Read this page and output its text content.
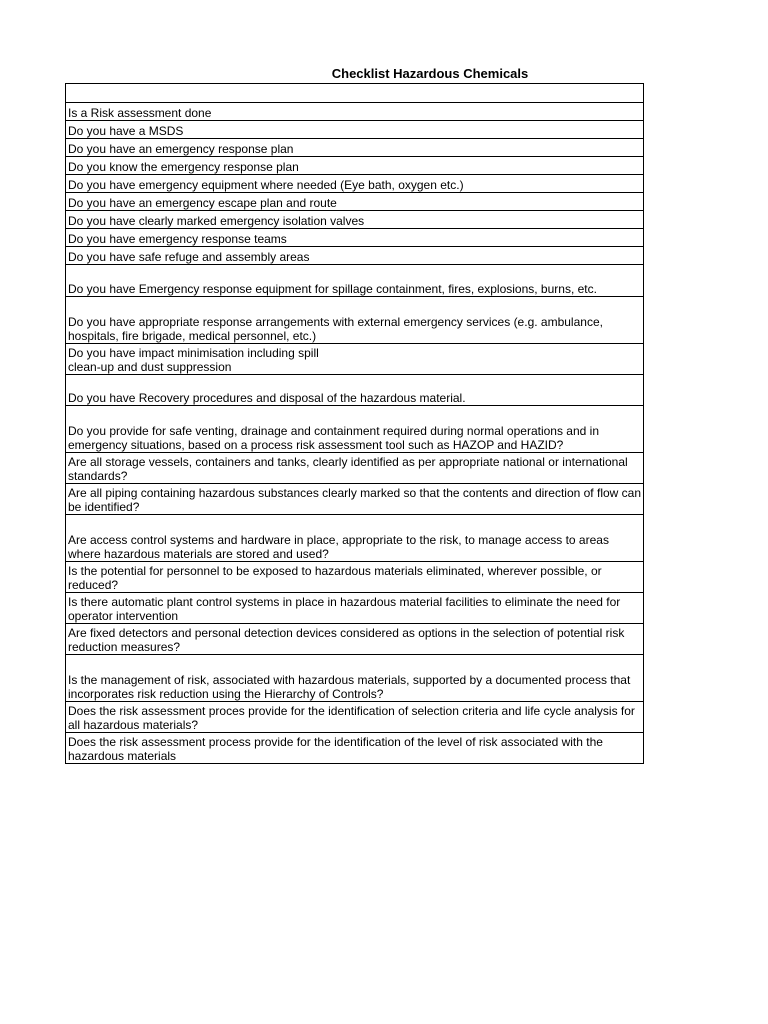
Checklist Hazardous Chemicals

Is a Risk assessment done
Do you have a MSDS
Do you have an emergency response plan
Do you know the emergency response plan
Do you have emergency equipment where needed (Eye bath, oxygen etc.)
Do you have an emergency escape plan and route
Do you have clearly marked emergency isolation valves
Do you have emergency response teams
Do you have safe refuge and assembly areas
Do you have Emergency response equipment for spillage containment, fires, explosions, burns, etc.
Do you have appropriate response arrangements with external emergency services (e.g. ambulance, hospitals, fire brigade, medical personnel, etc.)
Do you have impact minimisation including spill
clean-up and dust suppression
Do you have Recovery procedures and disposal of the hazardous material.
Do you provide for safe venting, drainage and containment required during normal operations and in emergency situations, based on a process risk assessment tool such as HAZOP and HAZID?
Are all storage vessels, containers and tanks, clearly identified as per appropriate national or international standards?
Are all piping containing hazardous substances clearly marked so that the contents and direction of flow can be identified?
Are access control systems and hardware in place, appropriate to the risk, to manage access to areas where hazardous materials are stored and used?
Is the potential for personnel to be exposed to hazardous materials eliminated, wherever possible, or reduced?
Is there automatic plant control systems in place in hazardous material facilities to eliminate the need for operator intervention
Are fixed detectors and personal detection devices considered as options in the selection of potential risk reduction measures?
Is the management of risk, associated with hazardous materials, supported by a documented process that incorporates risk reduction using the Hierarchy of Controls?
Does the risk assessment proces provide for the identification of selection criteria and life cycle analysis for all hazardous materials?
Does the risk assessment process provide for the identification of the level of risk associated with the hazardous materials
